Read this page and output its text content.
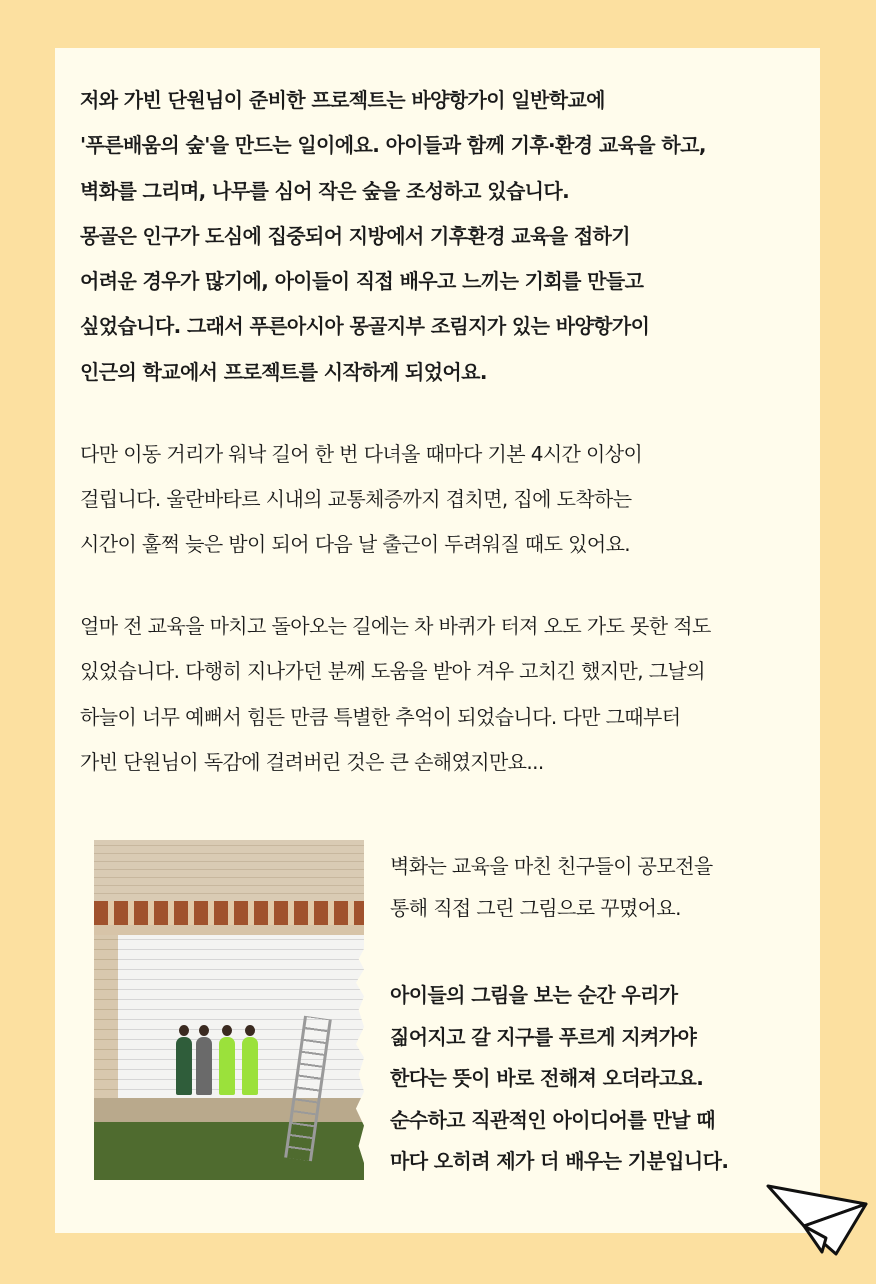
저와 가빈 단원님이 준비한 프로젝트는 바양항가이 일반학교에
'푸른배움의 숲'을 만드는 일이에요. 아이들과 함께 기후·환경 교육을 하고,
벽화를 그리며, 나무를 심어 작은 숲을 조성하고 있습니다.
몽골은 인구가 도심에 집중되어 지방에서 기후환경 교육을 접하기
어려운 경우가 많기에, 아이들이 직접 배우고 느끼는 기회를 만들고
싶었습니다. 그래서 푸른아시아 몽골지부 조림지가 있는 바양항가이
인근의 학교에서 프로젝트를 시작하게 되었어요.

다만 이동 거리가 워낙 길어 한 번 다녀올 때마다 기본 4시간 이상이
걸립니다. 울란바타르 시내의 교통체증까지 겹치면, 집에 도착하는
시간이 훌쩍 늦은 밤이 되어 다음 날 출근이 두려워질 때도 있어요.

얼마 전 교육을 마치고 돌아오는 길에는 차 바퀴가 터져 오도 가도 못한 적도
있었습니다. 다행히 지나가던 분께 도움을 받아 겨우 고치긴 했지만, 그날의
하늘이 너무 예뻐서 힘든 만큼 특별한 추억이 되었습니다. 다만 그때부터
가빈 단원님이 독감에 걸려버린 것은 큰 손해였지만요...

벽화는 교육을 마친 친구들이 공모전을
통해 직접 그린 그림으로 꾸몄어요.

아이들의 그림을 보는 순간 우리가
짊어지고 갈 지구를 푸르게 지켜가야
한다는 뜻이 바로 전해져 오더라고요.
순수하고 직관적인 아이디어를 만날 때
마다 오히려 제가 더 배우는 기분입니다.
